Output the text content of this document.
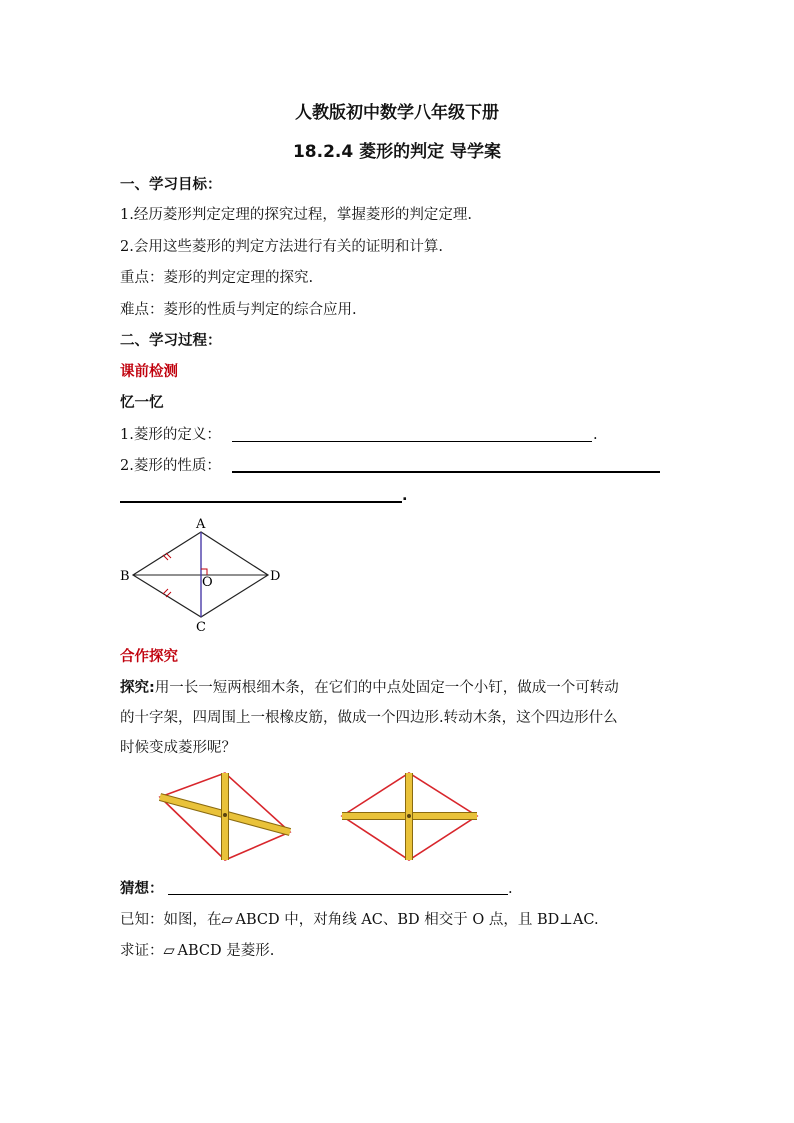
人教版初中数学八年级下册
18.2.4 菱形的判定 导学案
一、学习目标：
1.经历菱形判定定理的探究过程，掌握菱形的判定定理.
2.会用这些菱形的判定方法进行有关的证明和计算.
重点：菱形的判定定理的探究.
难点：菱形的性质与判定的综合应用.
二、学习过程：
课前检测
忆一忆
1.菱形的定义：	.
2.菱形的性质：
.
A
B
C
D
O
合作探究
探究:用一长一短两根细木条，在它们的中点处固定一个小钉，做成一个可转动
的十字架，四周围上一根橡皮筋，做成一个四边形.转动木条，这个四边形什么
时候变成菱形呢？
猜想：	.
已知：如图，在 ▱ ABCD 中，对角线 AC、BD 相交于 O 点，且 BD⊥AC.
求证： ▱ ABCD 是菱形.
